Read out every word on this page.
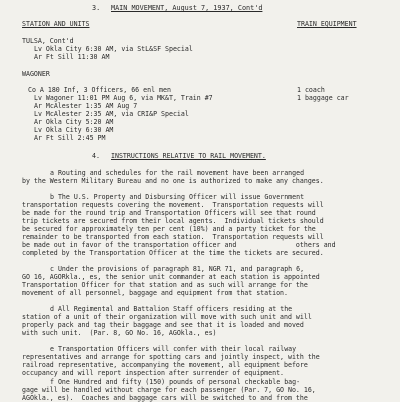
3. MAIN MOVEMENT, August 7, 1937, Cont'd
STATION AND UNITS	TRAIN EQUIPMENT
TULSA, Cont'd
Lv Okla City 6:30 AM, via StL&SF Special
Ar Ft Sill 11:30 AM
WAGONER
Co A 180 Inf, 3 Officers, 66 enl men	1 coach
1 baggage car
Lv Wagoner 11:01 PM Aug 6, via MK&T, Train #7
Ar McAlester 1:35 AM Aug 7
Lv McAlester 2:35 AM, via CRI&P Special
Ar Okla City 5:20 AM
Lv Okla City 6:30 AM
Ar Ft Sill 2:45 PM
4. INSTRUCTIONS RELATIVE TO RAIL MOVEMENT.
a Routing and schedules for the rail movement have been arranged
by the Western Military Bureau and no one is authorized to make any changes.
b The U.S. Property and Disbursing Officer will issue Government
transportation requests covering the movement.  Transportation requests will
be made for the round trip and Transportation Officers will see that round
trip tickets are secured from their local agents.  Individual tickets should
be secured for approximately ten per cent (10%) and a party ticket for the
remainder to be transported from each station.  Transportation requests will
be made out in favor of the transportation officer and               others and
completed by the Transportation Officer at the time the tickets are secured.
c Under the provisions of paragraph 81, NGR 71, and paragraph 6,
GO 16, AGORkla., es, the senior unit commander at each station is appointed
Transportation Officer for that station and as such will arrange for the
movement of all personnel, baggage and equipment from that station.
d All Regimental and Battalion Staff officers residing at the
station of a unit of their organization will move with such unit and will
properly pack and tag their baggage and see that it is loaded and moved
with such unit.  (Par. 8, GO No. 16, AGOkla., es)
e Transportation Officers will confer with their local railway
representatives and arrange for spotting cars and jointly inspect, with the
railroad representative, accompanying the movement, all equipment before
occupancy and will report inspection after surrender of equipment.
f One Hundred and fifty (150) pounds of personal checkable bag-
gage will be handled without charge for each passenger (Par. 7, GO No. 16,
AGOkla., es).  Coaches and baggage cars will be switched to and from the
